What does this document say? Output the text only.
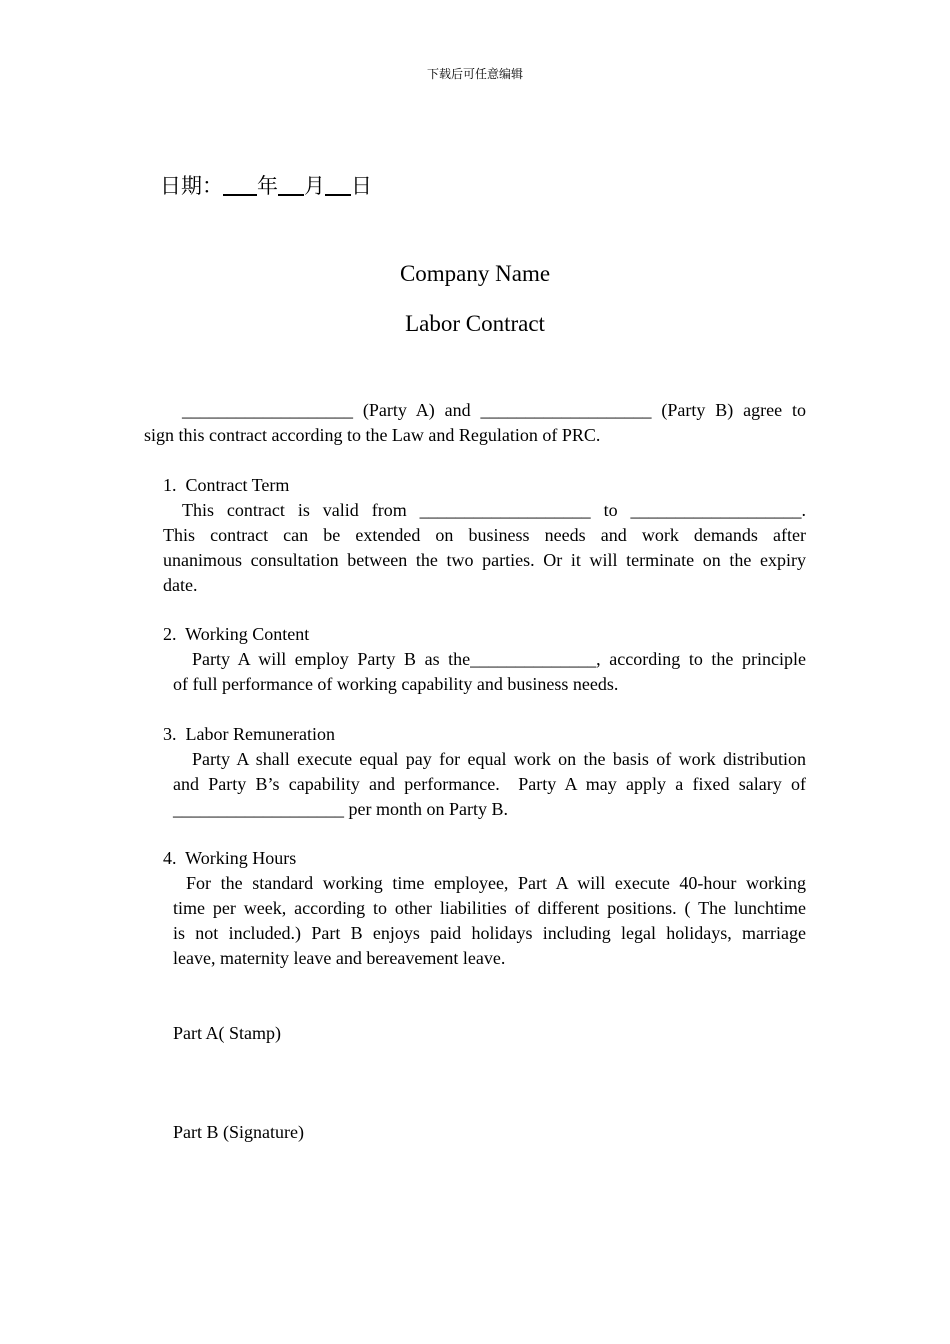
下载后可任意编辑
日期： 年 月 日
Company Name
Labor Contract
___________________ (Party A) and ___________________ (Party B) agree to
sign this contract according to the Law and Regulation of PRC.
1.  Contract Term
This contract is valid from ___________________ to ___________________.
This contract can be extended on business needs and work demands after
unanimous consultation between the two parties. Or it will terminate on the expiry
date.
2.  Working Content
Party A will employ Party B as the______________, according to the principle
of full performance of working capability and business needs.
3.  Labor Remuneration
Party A shall execute equal pay for equal work on the basis of work distribution
and Party B’s capability and performance.  Party A may apply a fixed salary of
___________________ per month on Party B.
4.  Working Hours
For the standard working time employee, Part A will execute 40-hour working
time per week, according to other liabilities of different positions. ( The lunchtime
is not included.) Part B enjoys paid holidays including legal holidays, marriage
leave, maternity leave and bereavement leave.
Part A( Stamp)
Part B (Signature)
